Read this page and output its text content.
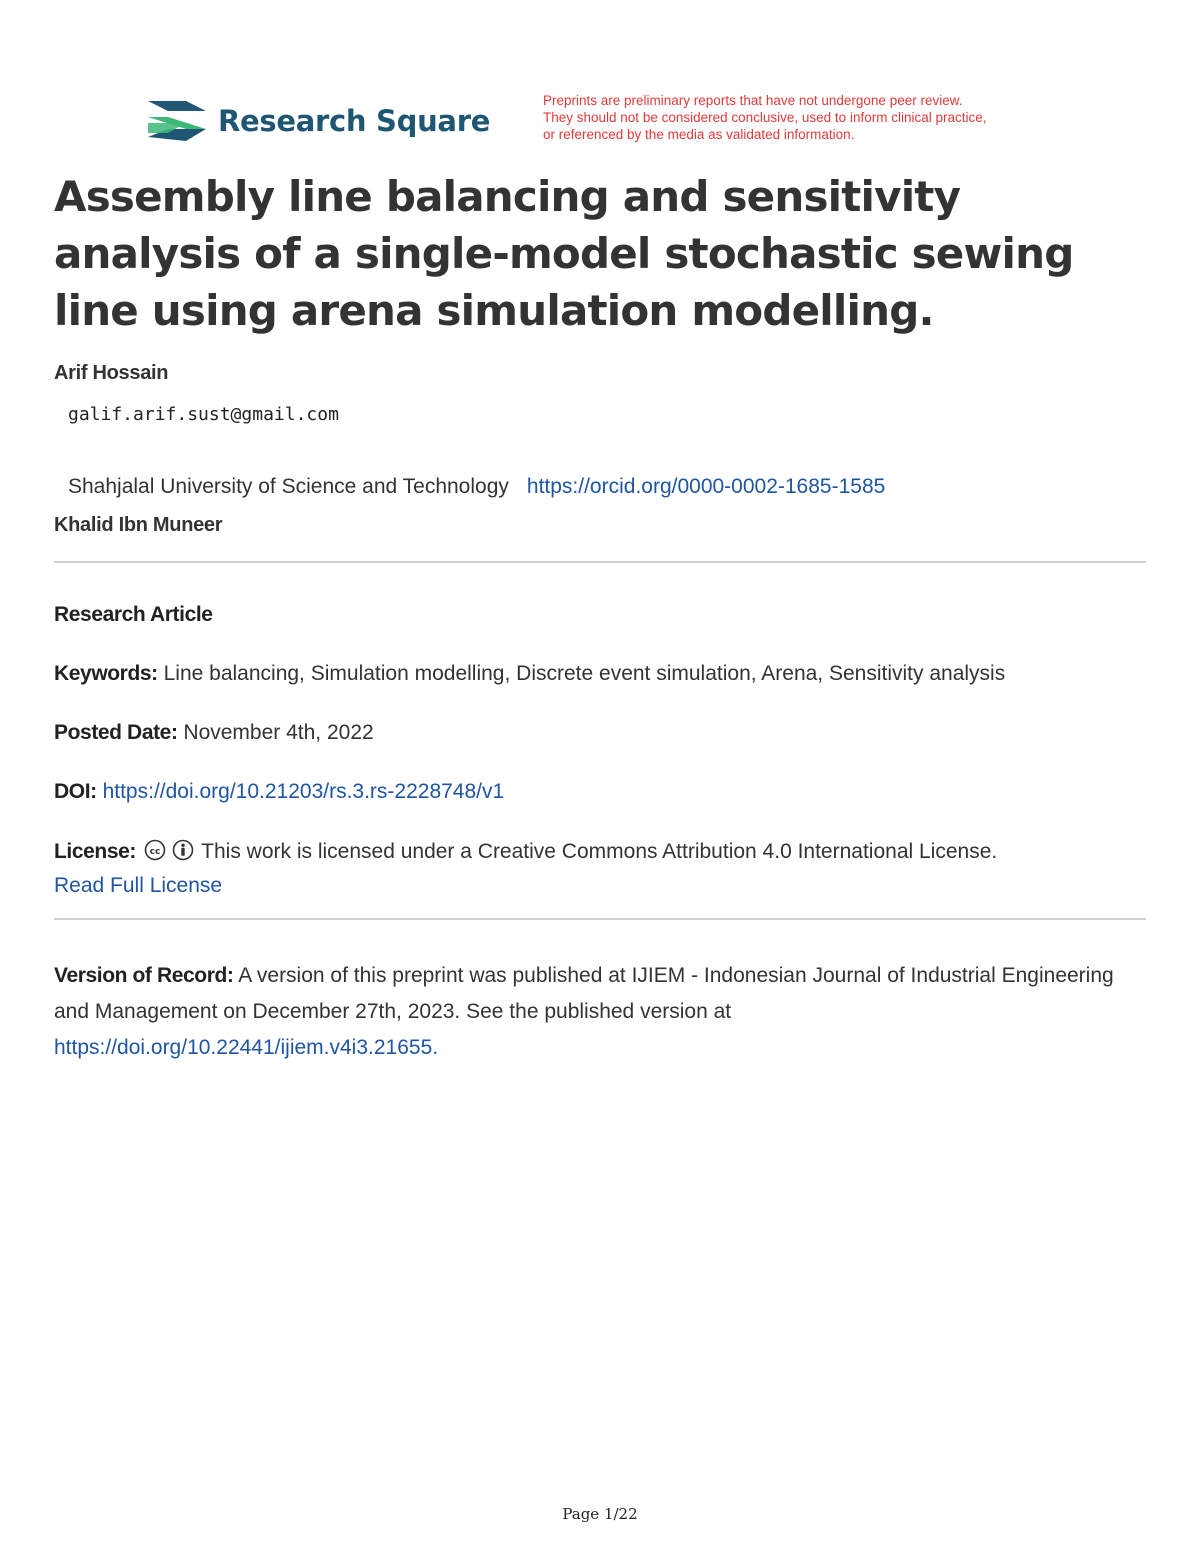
Research Square
Preprints are preliminary reports that have not undergone peer review.
They should not be considered conclusive, used to inform clinical practice,
or referenced by the media as validated information.
Assembly line balancing and sensitivity analysis of a single-model stochastic sewing line using arena simulation modelling.
Arif Hossain
galif.arif.sust@gmail.com
Shahjalal University of Science and Technology https://orcid.org/0000-0002-1685-1585
Khalid Ibn Muneer
Research Article
Keywords: Line balancing, Simulation modelling, Discrete event simulation, Arena, Sensitivity analysis
Posted Date: November 4th, 2022
DOI: https://doi.org/10.21203/rs.3.rs-2228748/v1
License: cc This work is licensed under a Creative Commons Attribution 4.0 International License.
Read Full License
Version of Record: A version of this preprint was published at IJIEM - Indonesian Journal of Industrial Engineering and Management on December 27th, 2023. See the published version at
https://doi.org/10.22441/ijiem.v4i3.21655.
Page 1/22
